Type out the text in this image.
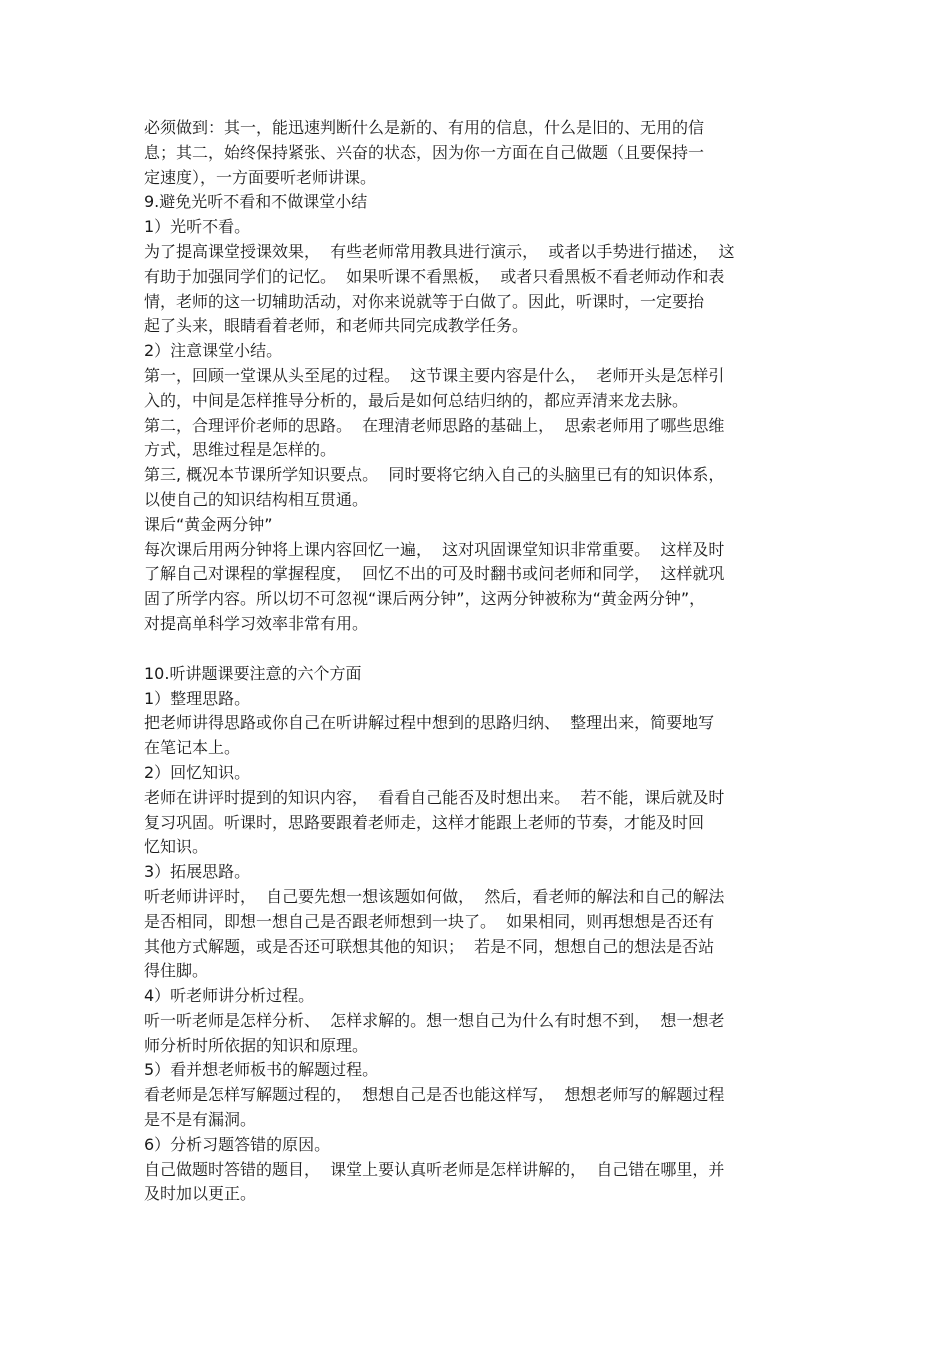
必须做到：其一，能迅速判断什么是新的、有用的信息，什么是旧的、无用的信

息；其二，始终保持紧张、兴奋的状态，因为你一方面在自己做题（且要保持一

定速度），一方面要听老师讲课。

9.避免光听不看和不做课堂小结

1）光听不看。

为了提高课堂授课效果，  有些老师常用教具进行演示，  或者以手势进行描述，  这

有助于加强同学们的记忆。  如果听课不看黑板，  或者只看黑板不看老师动作和表

情，老师的这一切辅助活动，对你来说就等于白做了。因此，听课时，一定要抬

起了头来，眼睛看着老师，和老师共同完成教学任务。

2）注意课堂小结。

第一，回顾一堂课从头至尾的过程。  这节课主要内容是什么，  老师开头是怎样引

入的，中间是怎样推导分析的，最后是如何总结归纳的，都应弄清来龙去脉。

第二，合理评价老师的思路。  在理清老师思路的基础上，  思索老师用了哪些思维

方式，思维过程是怎样的。

第三, 概况本节课所学知识要点。  同时要将它纳入自己的头脑里已有的知识体系，

以使自己的知识结构相互贯通。

课后“黄金两分钟”

每次课后用两分钟将上课内容回忆一遍，  这对巩固课堂知识非常重要。  这样及时

了解自己对课程的掌握程度，  回忆不出的可及时翻书或问老师和同学，  这样就巩

固了所学内容。所以切不可忽视“课后两分钟”，这两分钟被称为“黄金两分钟”，

对提高单科学习效率非常有用。

10.听讲题课要注意的六个方面

1）整理思路。

把老师讲得思路或你自己在听讲解过程中想到的思路归纳、  整理出来，简要地写

在笔记本上。

2）回忆知识。

老师在讲评时提到的知识内容，  看看自己能否及时想出来。  若不能，课后就及时

复习巩固。听课时，思路要跟着老师走，这样才能跟上老师的节奏，才能及时回

忆知识。

3）拓展思路。

听老师讲评时，  自己要先想一想该题如何做，  然后，看老师的解法和自己的解法

是否相同，即想一想自己是否跟老师想到一块了。  如果相同，则再想想是否还有

其他方式解题，或是否还可联想其他的知识；  若是不同，想想自己的想法是否站

得住脚。

4）听老师讲分析过程。

听一听老师是怎样分析、  怎样求解的。想一想自己为什么有时想不到，  想一想老

师分析时所依据的知识和原理。

5）看并想老师板书的解题过程。

看老师是怎样写解题过程的，  想想自己是否也能这样写，  想想老师写的解题过程

是不是有漏洞。

6）分析习题答错的原因。

自己做题时答错的题目，  课堂上要认真听老师是怎样讲解的，  自己错在哪里，并

及时加以更正。
